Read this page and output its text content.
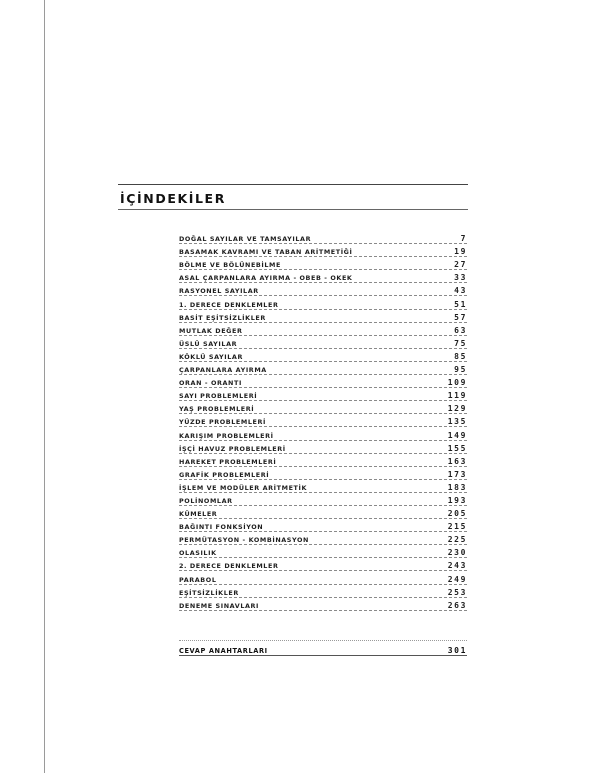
İÇİNDEKİLER
DOĞAL SAYILAR VE TAMSAYILAR	7
BASAMAK KAVRAMI VE TABAN ARİTMETİĞİ	19
BÖLME VE BÖLÜNEBİLME	27
ASAL ÇARPANLARA AYIRMA - OBEB - OKEK	33
RASYONEL SAYILAR	43
1. DERECE DENKLEMLER	51
BASİT EŞİTSİZLİKLER	57
MUTLAK DEĞER	63
ÜSLÜ SAYILAR	75
KÖKLÜ SAYILAR	85
ÇARPANLARA AYIRMA	95
ORAN - ORANTI	109
SAYI PROBLEMLERİ	119
YAŞ PROBLEMLERİ	129
YÜZDE PROBLEMLERİ	135
KARIŞIM PROBLEMLERİ	149
İŞÇİ HAVUZ PROBLEMLERİ	155
HAREKET PROBLEMLERİ	163
GRAFİK PROBLEMLERİ	173
İŞLEM VE MODÜLER ARİTMETİK	183
POLİNOMLAR	193
KÜMELER	205
BAĞINTI FONKSİYON	215
PERMÜTASYON - KOMBİNASYON	225
OLASILIK	230
2. DERECE DENKLEMLER	243
PARABOL	249
EŞİTSİZLİKLER	253
DENEME SINAVLARI	263
CEVAP ANAHTARLARI	301
